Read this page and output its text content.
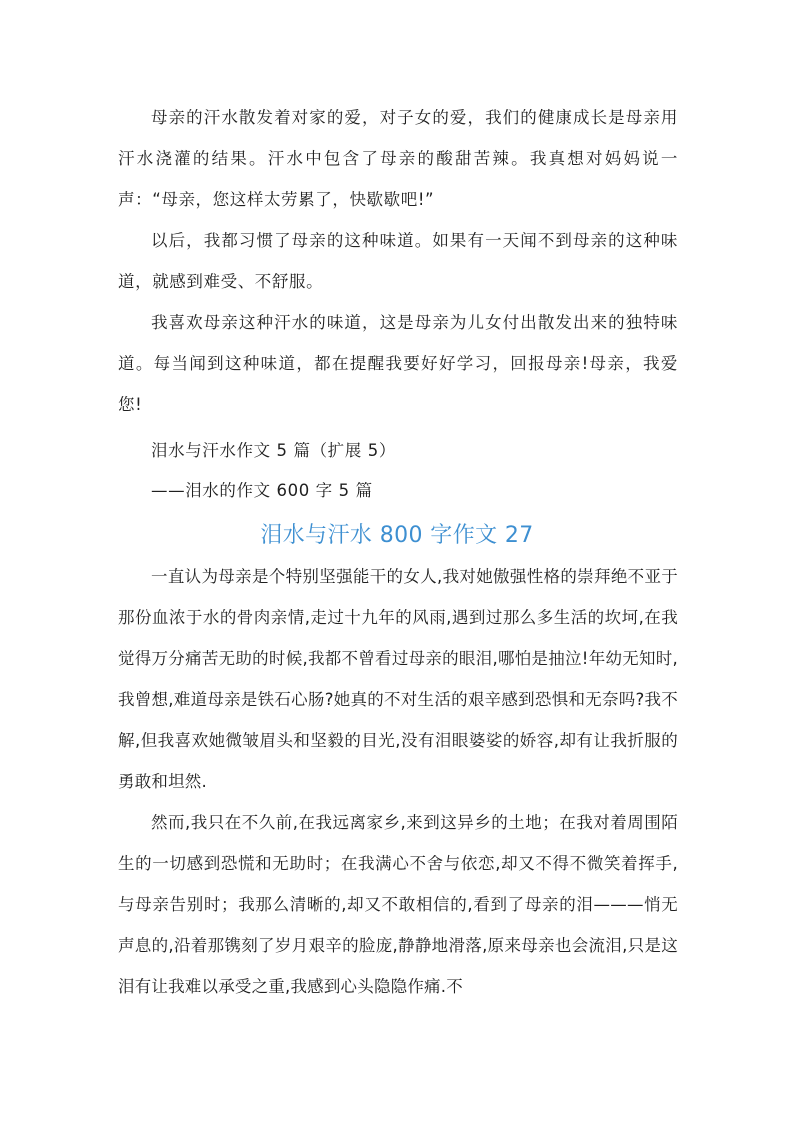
母亲的汗水散发着对家的爱，对子女的爱，我们的健康成长是母亲用汗水浇灌的结果。汗水中包含了母亲的酸甜苦辣。我真想对妈妈说一声：“母亲，您这样太劳累了，快歇歇吧!”

以后，我都习惯了母亲的这种味道。如果有一天闻不到母亲的这种味道，就感到难受、不舒服。

我喜欢母亲这种汗水的味道，这是母亲为儿女付出散发出来的独特味道。每当闻到这种味道，都在提醒我要好好学习，回报母亲!母亲，我爱您!

泪水与汗水作文 5 篇（扩展 5）

——泪水的作文 600 字 5 篇

泪水与汗水 800 字作文 27

一直认为母亲是个特别坚强能干的女人,我对她傲强性格的崇拜绝不亚于那份血浓于水的骨肉亲情,走过十九年的风雨,遇到过那么多生活的坎坷,在我觉得万分痛苦无助的时候,我都不曾看过母亲的眼泪,哪怕是抽泣!年幼无知时,我曾想,难道母亲是铁石心肠?她真的不对生活的艰辛感到恐惧和无奈吗?我不解,但我喜欢她微皱眉头和坚毅的目光,没有泪眼婆娑的娇容,却有让我折服的勇敢和坦然.

然而,我只在不久前,在我远离家乡,来到这异乡的土地；在我对着周围陌生的一切感到恐慌和无助时；在我满心不舍与依恋,却又不得不微笑着挥手,与母亲告别时；我那么清晰的,却又不敢相信的,看到了母亲的泪———悄无声息的,沿着那镌刻了岁月艰辛的脸庞,静静地滑落,原来母亲也会流泪,只是这泪有让我难以承受之重,我感到心头隐隐作痛.不
